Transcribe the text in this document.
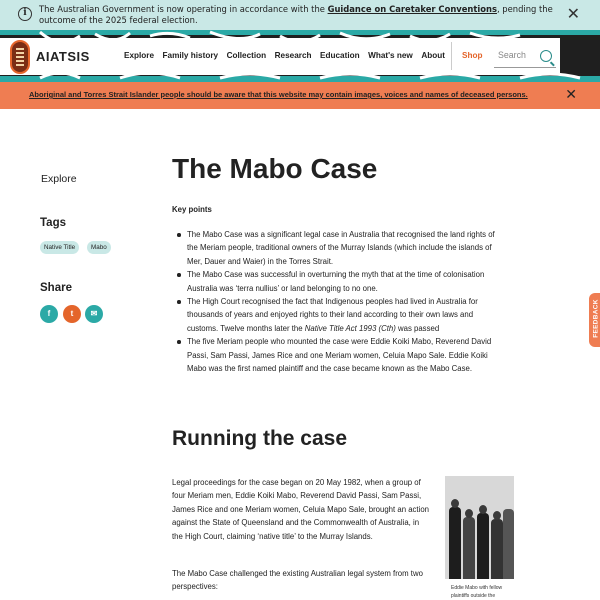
i	The Australian Government is now operating in accordance with the Guidance on Caretaker Conventions, pending the outcome of the 2025 federal election.	✕
AIATSIS	Explore Family history Collection Research Education What's new About Shop Search
Aboriginal and Torres Strait Islander people should be aware that this website may contain images, voices and names of deceased persons.	✕
Explore
Tags
Native Title	Mabo
Share
f	t	✉
The Mabo Case
Key points
The Mabo Case was a significant legal case in Australia that recognised the land rights of the Meriam people, traditional owners of the Murray Islands (which include the islands of Mer, Dauer and Waier) in the Torres Strait.
The Mabo Case was successful in overturning the myth that at the time of colonisation Australia was ‘terra nullius’ or land belonging to no one.
The High Court recognised the fact that Indigenous peoples had lived in Australia for thousands of years and enjoyed rights to their land according to their own laws and customs. Twelve months later the Native Title Act 1993 (Cth) was passed
The five Meriam people who mounted the case were Eddie Koiki Mabo, Reverend David Passi, Sam Passi, James Rice and one Meriam women, Celuia Mapo Sale. Eddie Koiki Mabo was the first named plaintiff and the case became known as the Mabo Case.
Running the case
Legal proceedings for the case began on 20 May 1982, when a group of four Meriam men, Eddie Koiki Mabo, Reverend David Passi, Sam Passi, James Rice and one Meriam women, Celuia Mapo Sale, brought an action against the State of Queensland and the Commonwealth of Australia, in the High Court, claiming ‘native title’ to the Murray Islands.
The Mabo Case challenged the existing Australian legal system from two perspectives:	Eddie Mabo with fellow plaintiffs outside the
FEEDBACK
